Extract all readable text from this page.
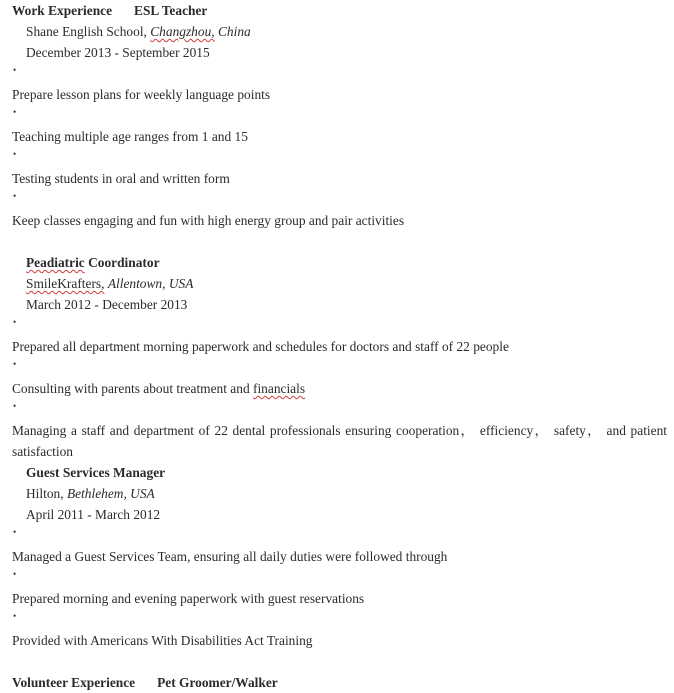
Work Experience ESL Teacher
Shane English School, Changzhou, China
December 2013 - September 2015
•
Prepare lesson plans for weekly language points
•
Teaching multiple age ranges from 1 and 15
•
Testing students in oral and written form
•
Keep classes engaging and fun with high energy group and pair activities
Peadiatric Coordinator
SmileKrafters, Allentown, USA
March 2012 - December 2013
•
Prepared all department morning paperwork and schedules for doctors and staff of 22 people
•
Consulting with parents about treatment and financials
•
Managing a staff and department of 22 dental professionals ensuring cooperation， efficiency， safety， and patient satisfaction
Guest Services Manager
Hilton, Bethlehem, USA
April 2011 - March 2012
•
Managed a Guest Services Team, ensuring all daily duties were followed through
•
Prepared morning and evening paperwork with guest reservations
•
Provided with Americans With Disabilities Act Training
Volunteer Experience Pet Groomer/Walker
